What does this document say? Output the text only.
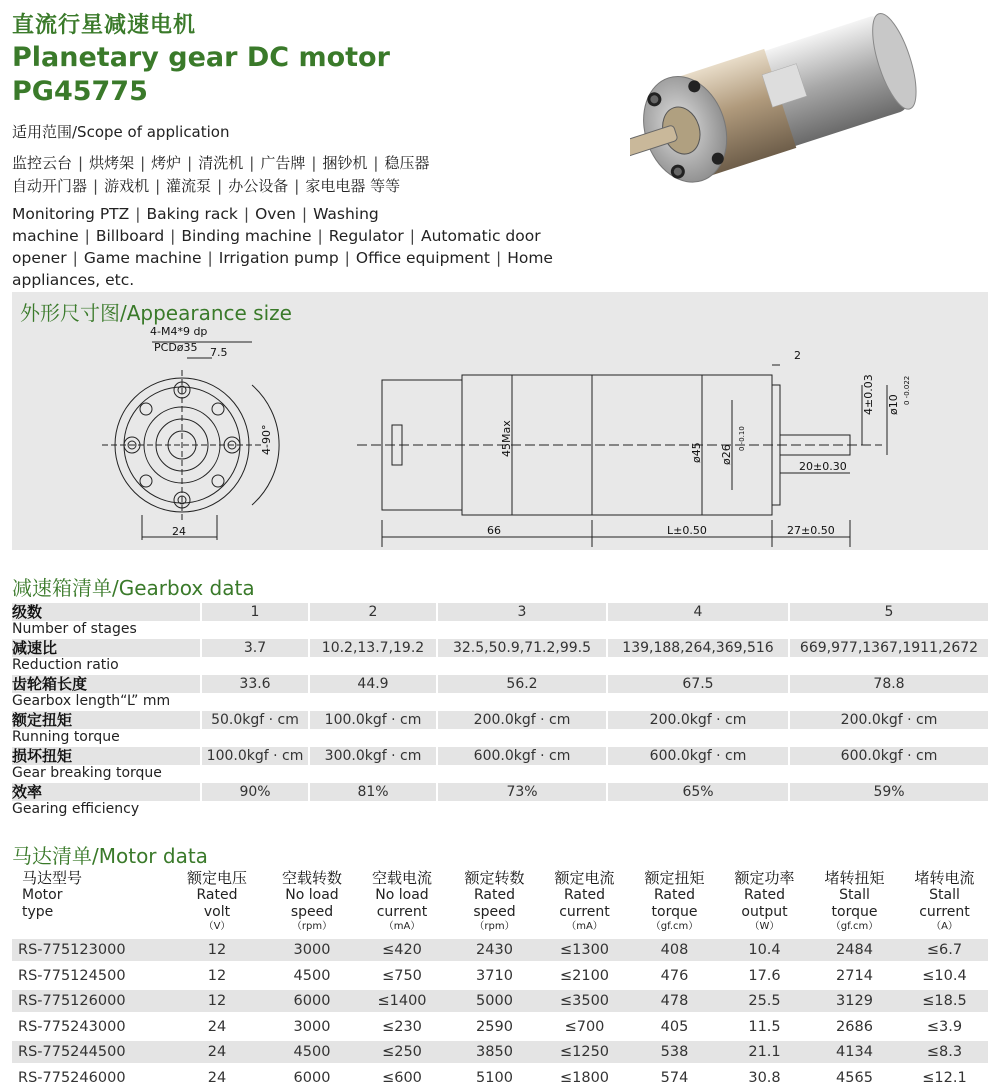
直流行星减速电机
Planetary gear DC motor
PG45775
适用范围/Scope of application
监控云台 | 烘烤架 | 烤炉 | 清洗机 | 广告牌 | 捆钞机 | 稳压器
自动开门器 | 游戏机 | 灌流泵 | 办公设备 | 家电电器 等等
Monitoring PTZ | Baking rack | Oven | Washing machine | Billboard | Binding machine | Regulator | Automatic door opener | Game machine | Irrigation pump | Office equipment | Home appliances, etc.
外形尺寸图/Appearance size
4-M4*9 dp
PCDø35 7.5
4-90°
24
2
45Max	ø45 ø26
0 -0.10
66	L±0.50	27±0.50
20±0.30
4±0.03 ø10 0 -0.022
减速箱清单/Gearbox data
级数
Number of stages
1	2	3	4	5
减速比
Reduction ratio
3.7	10.2,13.7,19.2	32.5,50.9,71.2,99.5	139,188,264,369,516	669,977,1367,1911,2672
齿轮箱长度
Gearbox length“L” mm
33.6	44.9	56.2	67.5	78.8
额定扭矩
Running torque
50.0kgf · cm	100.0kgf · cm	200.0kgf · cm	200.0kgf · cm	200.0kgf · cm
损坏扭矩
Gear breaking torque
100.0kgf · cm	300.0kgf · cm	600.0kgf · cm	600.0kgf · cm	600.0kgf · cm
效率
Gearing efficiency
90%	81%	73%	65%	59%
马达清单/Motor data
马达型号
Motor
type
额定电压
Rated
volt
（V）
空载转数
No load
speed
（rpm）
空载电流
No load
current
（mA）
额定转数
Rated
speed
（rpm）
额定电流
Rated
current
（mA）
额定扭矩
Rated
torque
（gf.cm）
额定功率
Rated
output
（W）
堵转扭矩
Stall
torque
（gf.cm）
堵转电流
Stall
current
（A）
RS-775123000	12	3000	≤420	2430	≤1300	408	10.4	2484	≤6.7
RS-775124500	12	4500	≤750	3710	≤2100	476	17.6	2714	≤10.4
RS-775126000	12	6000	≤1400	5000	≤3500	478	25.5	3129	≤18.5
RS-775243000	24	3000	≤230	2590	≤700	405	11.5	2686	≤3.9
RS-775244500	24	4500	≤250	3850	≤1250	538	21.1	4134	≤8.3
RS-775246000	24	6000	≤600	5100	≤1800	574	30.8	4565	≤12.1
